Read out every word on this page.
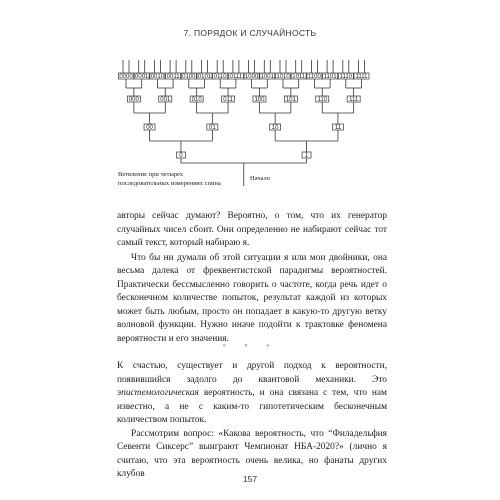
7. ПОРЯДОК И СЛУЧАЙНОСТЬ
0000 0001 0010 0011 0100 0101 0110 0111 1000 1001 1010 1011 1100 1101 1110 1111
000	001	010	011	100	101	110	111
00	01	10	11
0	1
Ветвление при четырех
последовательных измерениях спина
Начало

авторы сейчас думают? Вероятно, о том, что их генератор случайных чисел сбоит. Они определенно не набирают сейчас тот самый текст, который набираю я.

Что бы ни думали об этой ситуации я или мои двойники, она весьма далека от фреквентистской парадигмы вероятностей. Практически бессмысленно говорить о частоте, когда речь идет о бесконечном количестве попыток, результат каждой из которых может быть любым, просто он попадает в какую-то другую ветку волновой функции. Нужно иначе подойти к трактовке феномена вероятности и его значения.

◦ ◦ ◦

К счастью, существует и другой подход к вероятности, появившийся задолго до квантовой механики. Это эпистемологическая вероятность, и она связана с тем, что нам известно, а не с каким-то гипотетическим бесконечным количеством попыток.

Рассмотрим вопрос: «Какова вероятность, что “Филадельфия Севенти Сиксерс” выиграют Чемпионат НБА-2020?» (лично я считаю, что эта вероятность очень велика, но фанаты других клубов	157
